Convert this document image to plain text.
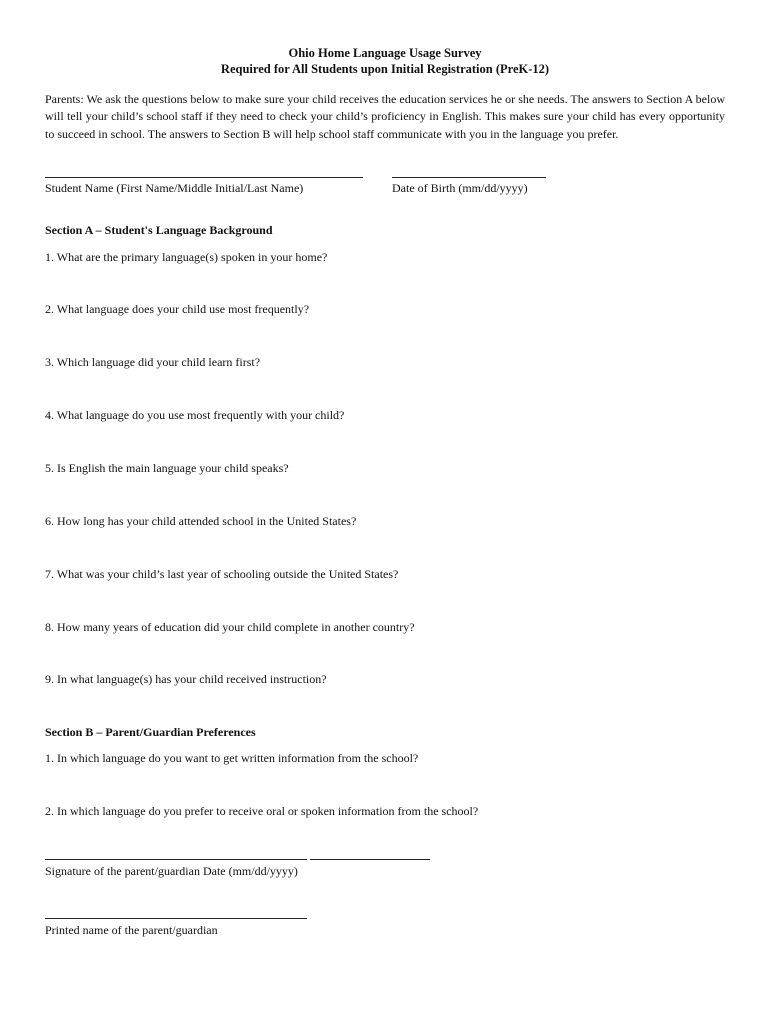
Ohio Home Language Usage Survey
Required for All Students upon Initial Registration (PreK-12)
Parents: We ask the questions below to make sure your child receives the education services he or she needs. The answers to Section A below will tell your child’s school staff if they need to check your child’s proficiency in English. This makes sure your child has every opportunity to succeed in school. The answers to Section B will help school staff communicate with you in the language you prefer.
Student Name (First Name/Middle Initial/Last Name)	Date of Birth (mm/dd/yyyy)
Section A – Student's Language Background
1. What are the primary language(s) spoken in your home?
2. What language does your child use most frequently?
3. Which language did your child learn first?
4. What language do you use most frequently with your child?
5. Is English the main language your child speaks?
6. How long has your child attended school in the United States?
7. What was your child’s last year of schooling outside the United States?
8. How many years of education did your child complete in another country?
9. In what language(s) has your child received instruction?
Section B – Parent/Guardian Preferences
1. In which language do you want to get written information from the school?
2. In which language do you prefer to receive oral or spoken information from the school?
Signature of the parent/guardian Date (mm/dd/yyyy)
Printed name of the parent/guardian
